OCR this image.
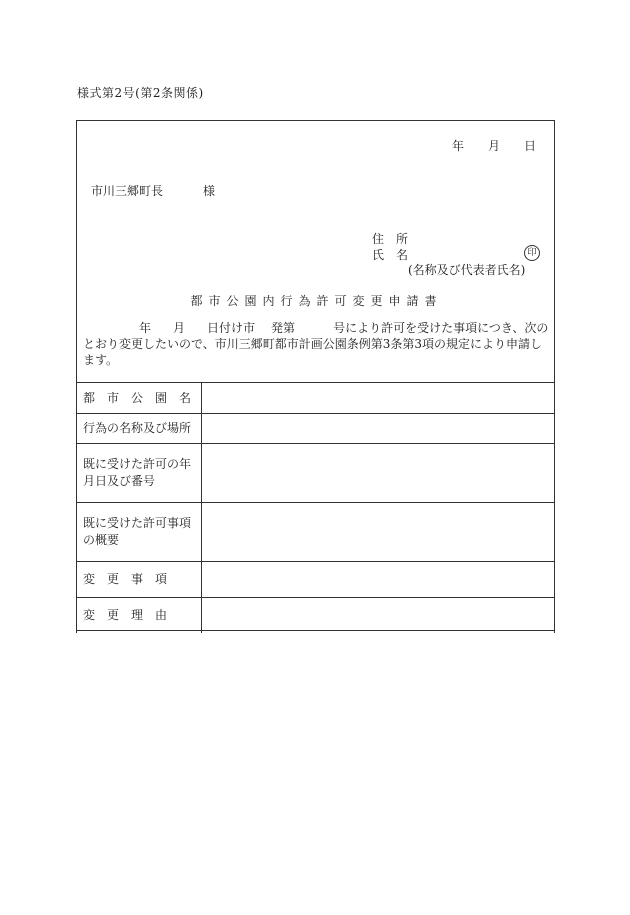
様式第2号(第2条関係)
年 月 日
市川三郷町長	様
住　所
氏　名	印
(名称及び代表者氏名)
都市公園内行為許可変更申請書
年 月 日付け市 発第	号により許可を受けた事項につき、次のとおり変更したいので、市川三郷町都市計画公園条例第3条第3項の規定により申請します。
都　市　公　園　名	
行為の名称及び場所	
既に受けた許可の年月日及び番号	
既に受けた許可事項の概要	
変　更　事　項	
変　更　理　由	
